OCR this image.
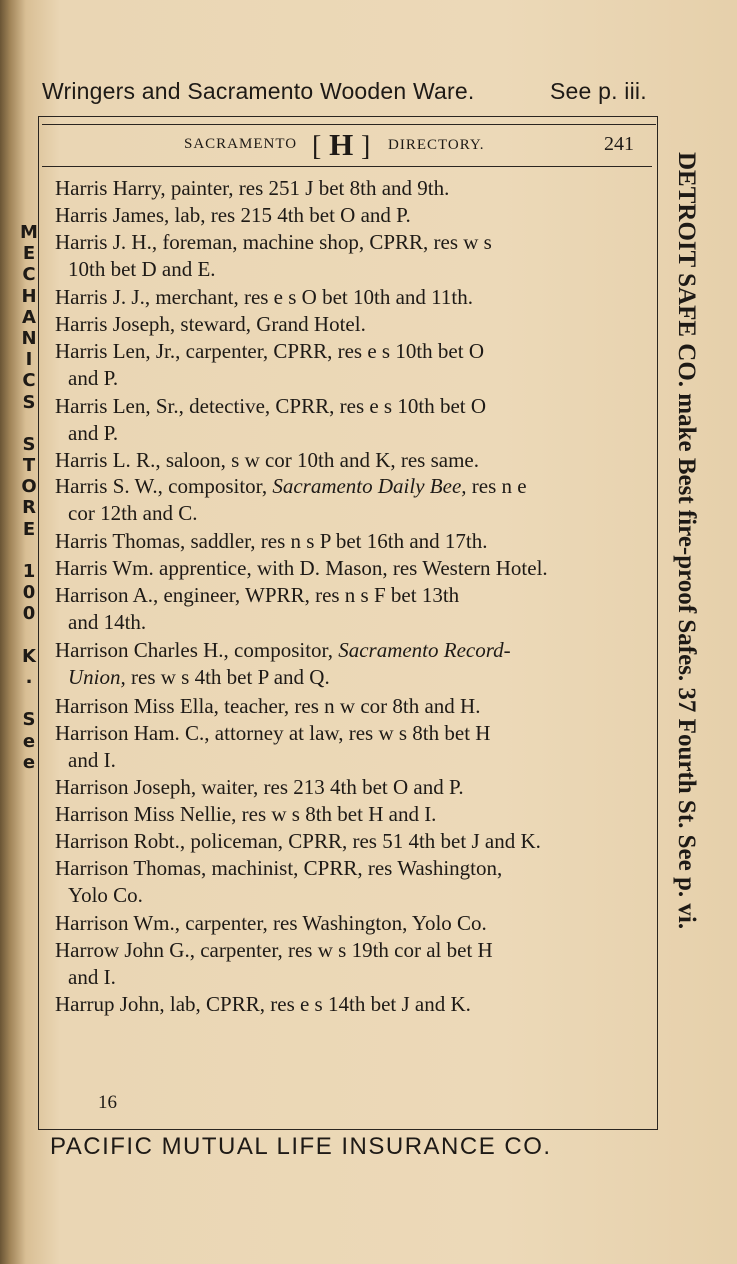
Wringers and Sacramento Wooden Ware.	See p. iii.
SACRAMENTO [ H ] DIRECTORY.	241
Harris Harry, painter, res 251 J bet 8th and 9th.
Harris James, lab, res 215 4th bet O and P.
Harris J. H., foreman, machine shop, CPRR, res w s
10th bet D and E.
Harris J. J., merchant, res e s O bet 10th and 11th.
Harris Joseph, steward, Grand Hotel.
Harris Len, Jr., carpenter, CPRR, res e s 10th bet O
and P.
Harris Len, Sr., detective, CPRR, res e s 10th bet O
and P.
Harris L. R., saloon, s w cor 10th and K, res same.
Harris S. W., compositor, Sacramento Daily Bee, res n e
cor 12th and C.
Harris Thomas, saddler, res n s P bet 16th and 17th.
Harris Wm. apprentice, with D. Mason, res Western Hotel.
Harrison A., engineer, WPRR, res n s F bet 13th
and 14th.
Harrison Charles H., compositor, Sacramento Record-
Union, res w s 4th bet P and Q.
Harrison Miss Ella, teacher, res n w cor 8th and H.
Harrison Ham. C., attorney at law, res w s 8th bet H
and I.
Harrison Joseph, waiter, res 213 4th bet O and P.
Harrison Miss Nellie, res w s 8th bet H and I.
Harrison Robt., policeman, CPRR, res 51 4th bet J and K.
Harrison Thomas, machinist, CPRR, res Washington,
Yolo Co.
Harrison Wm., carpenter, res Washington, Yolo Co.
Harrow John G., carpenter, res w s 19th cor al bet H
and I.
Harrup John, lab, CPRR, res e s 14th bet J and K.
16
PACIFIC MUTUAL LIFE INSURANCE CO.
M
E
C
H
A
N
I
C
S
S
T
O
R
E
1
0
0
K
.
S
e
e	DETROIT SAFE CO. make Best fire-proof Safes. 37 Fourth St. See p. vi.
